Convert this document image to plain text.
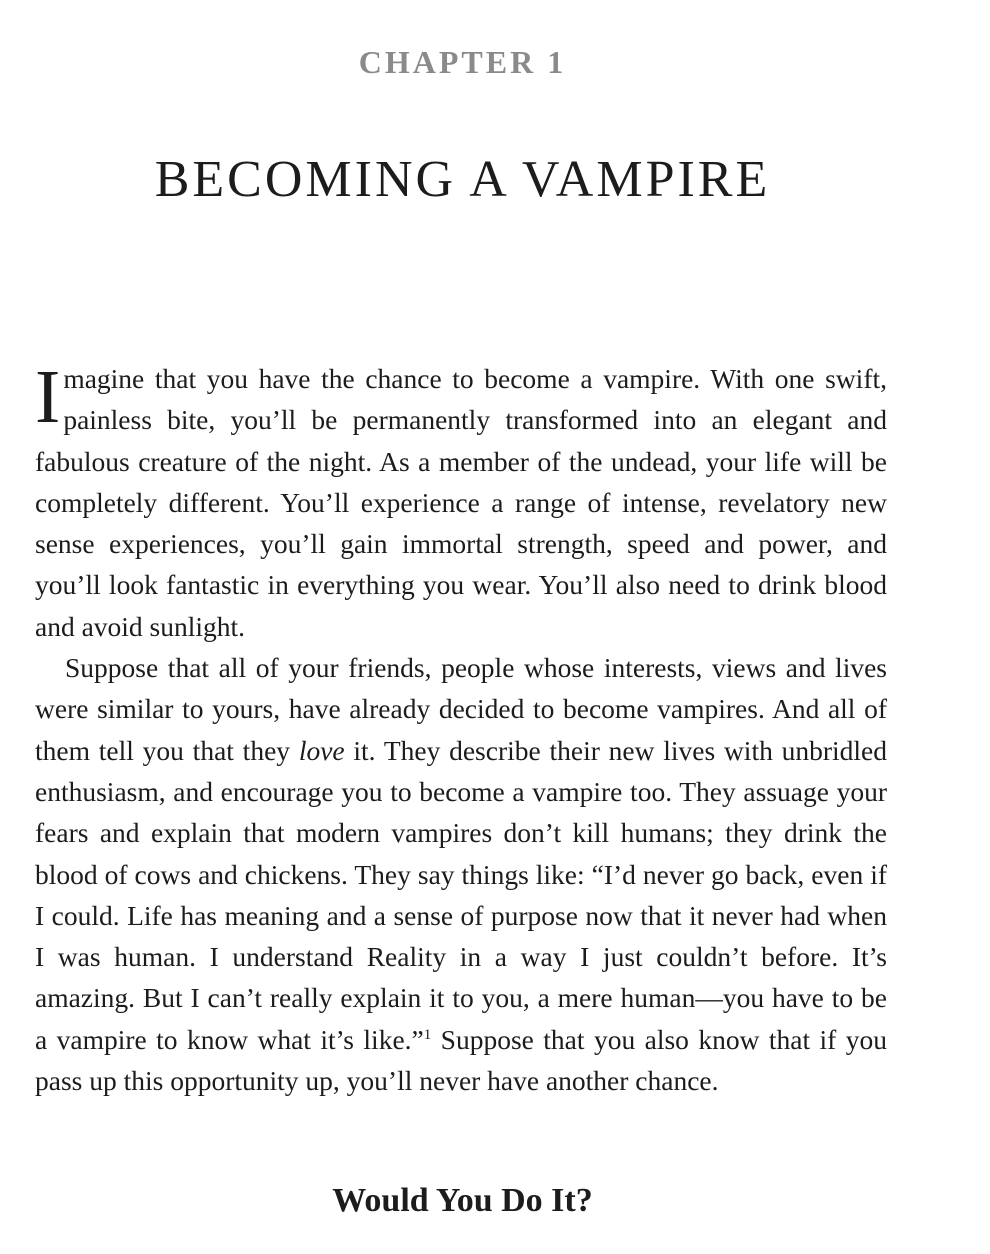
CHAPTER 1
BECOMING A VAMPIRE

Imagine that you have the chance to become a vampire. With one swift, painless bite, you’ll be permanently transformed into an elegant and fabulous creature of the night. As a member of the undead, your life will be completely different. You’ll experience a range of intense, revelatory new sense experiences, you’ll gain immortal strength, speed and power, and you’ll look fantastic in everything you wear. You’ll also need to drink blood and avoid sunlight.

Suppose that all of your friends, people whose interests, views and lives were similar to yours, have already decided to become vampires. And all of them tell you that they love it. They describe their new lives with unbridled enthusiasm, and encourage you to become a vampire too. They assuage your fears and explain that modern vampires don’t kill humans; they drink the blood of cows and chickens. They say things like: “I’d never go back, even if I could. Life has meaning and a sense of purpose now that it never had when I was human. I understand Reality in a way I just couldn’t before. It’s amazing. But I can’t really explain it to you, a mere human—you have to be a vampire to know what it’s like.”$^1$ Suppose that you also know that if you pass up this opportunity up, you’ll never have another chance.

Would You Do It?
